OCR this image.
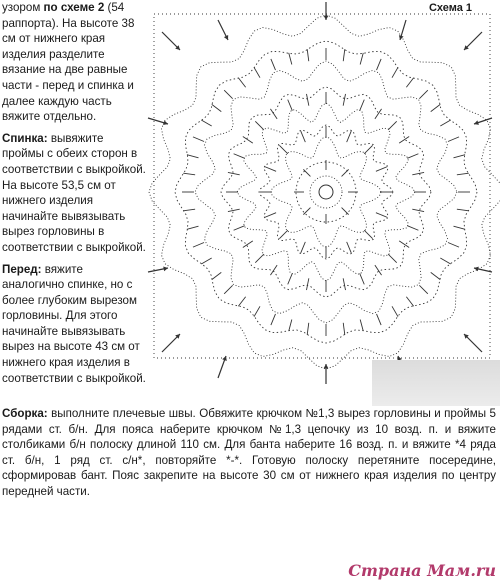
узором по схеме 2 (54 раппорта). На высоте 38 см от нижнего края изделия разделите вязание на две равные части - перед и спинка и далее каждую часть вяжите отдельно.

Спинка: вывяжите проймы с обеих сторон в соответствии с выкройкой. На высоте 53,5 см от нижнего изделия начинайте вывязывать вырез горловины в соответствии с выкройкой.

Перед: вяжите аналогично спинке, но с более глубоким вырезом горловины. Для этого начинайте вывязывать вырез на высоте 43 см от нижнего края изделия в соответствии с выкройкой.

Схема 1

Сборка: выполните плечевые швы. Обвяжите крючком №1,3 вырез горловины и проймы 5 рядами ст. б/н. Для пояса наберите крючком №1,3 цепочку из 10 возд. п. и вяжите столбиками б/н полоску длиной 110 см. Для банта наберите 16 возд. п. и вяжите *4 ряда ст. б/н, 1 ряд ст. с/н*, повторяйте *-*. Готовую полоску перетяните посередине, сформировав бант. Пояс закрепите на высоте 30 см от нижнего края изделия по центру передней части.

Страна Мам.ru
